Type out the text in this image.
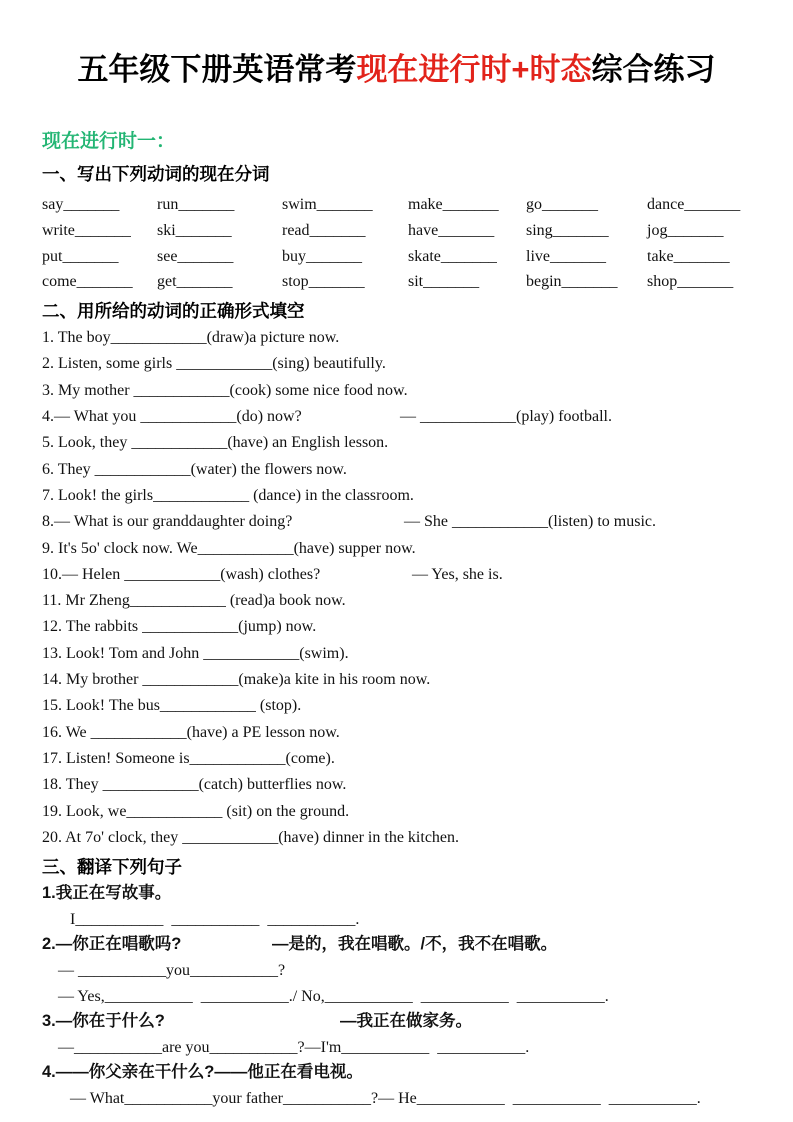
五年级下册英语常考现在进行时+时态综合练习
现在进行时一：
一、写出下列动词的现在分词
say_______	run_______	swim_______	make_______	go_______	dance_______
write_______	ski_______	read_______	have_______	sing_______	jog_______
put_______	see_______	buy_______	skate_______	live_______	take_______
come_______	get_______	stop_______	sit_______	begin_______	shop_______
二、用所给的动词的正确形式填空
1. The boy____________(draw)a picture now.
2. Listen, some girls ____________(sing) beautifully.
3. My mother ____________(cook) some nice food now.
4.— What you ____________(do) now?	— ____________(play) football.
5. Look, they ____________(have) an English lesson.
6. They ____________(water) the flowers now.
7. Look! the girls____________ (dance) in the classroom.
8.— What is our granddaughter doing?	— She ____________(listen) to music.
9. It's 5o' clock now. We____________(have) supper now.
10.— Helen ____________(wash) clothes?	— Yes, she is.
11. Mr Zheng____________ (read)a book now.
12. The rabbits ____________(jump) now.
13. Look! Tom and John ____________(swim).
14. My brother ____________(make)a kite in his room now.
15. Look! The bus____________ (stop).
16. We ____________(have) a PE lesson now.
17. Listen! Someone is____________(come).
18. They ____________(catch) butterflies now.
19. Look, we____________ (sit) on the ground.
20. At 7o' clock, they ____________(have) dinner in the kitchen.
三、翻译下列句子
1.我正在写故事。
I___________  ___________  ___________.
2.—你正在唱歌吗?	—是的，我在唱歌。/不，我不在唱歌。
— ___________you___________?
— Yes,___________  ___________./ No,___________  ___________  ___________.
3.—你在于什么?	—我正在做家务。
—___________are you___________?—I'm___________  ___________.
4.——你父亲在干什么?——他正在看电视。
— What___________your father___________?— He___________  ___________  ___________.
